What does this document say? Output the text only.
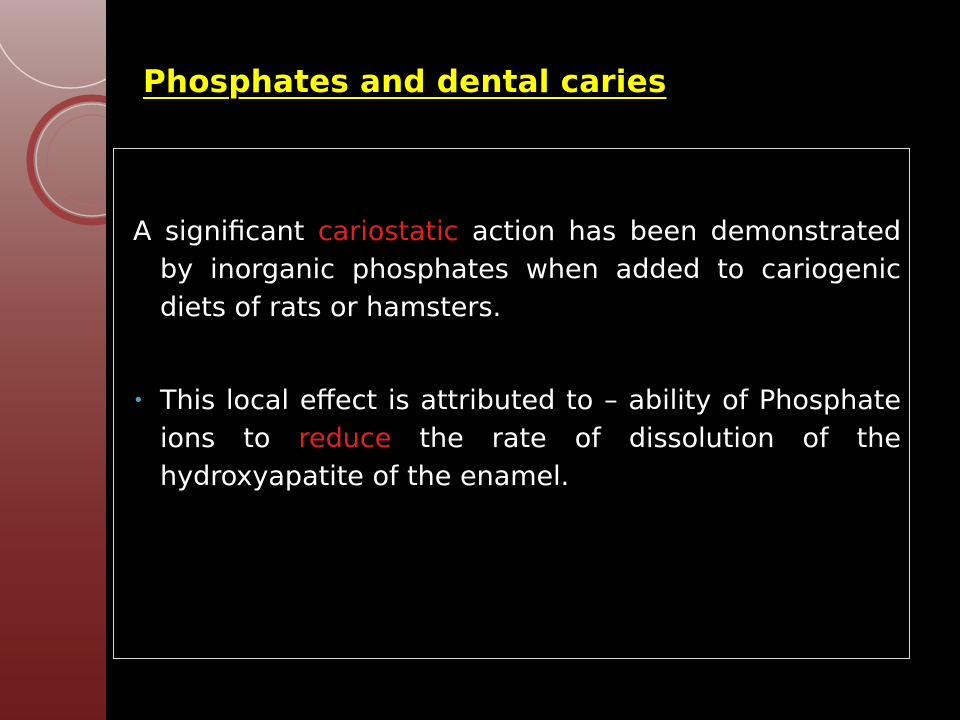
Phosphates and dental caries

A significant cariostatic action has been demonstrated by inorganic phosphates when added to cariogenic diets of rats or hamsters.

• This local effect is attributed to – ability of Phosphate ions to reduce the rate of dissolution of the hydroxyapatite of the enamel.
